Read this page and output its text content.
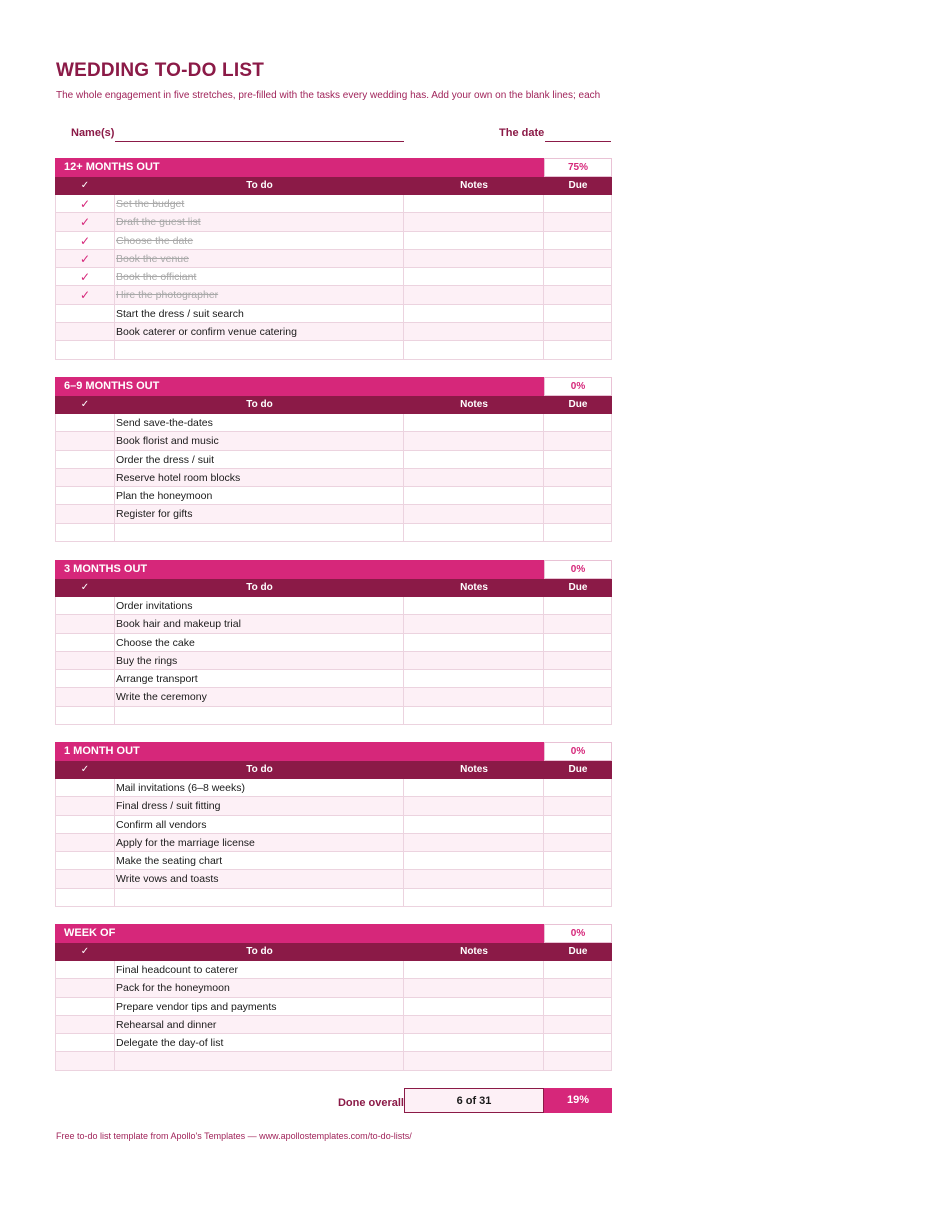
WEDDING TO-DO LIST
The whole engagement in five stretches, pre-filled with the tasks every wedding has. Add your own on the blank lines; each
Name(s)	The date
12+ MONTHS OUT	75%
✓	To do	Notes	Due
✓	Set the budget
✓	Draft the guest list
✓	Choose the date
✓	Book the venue
✓	Book the officiant
✓	Hire the photographer
Start the dress / suit search
Book caterer or confirm venue catering
6–9 MONTHS OUT	0%
✓	To do	Notes	Due
Send save-the-dates
Book florist and music
Order the dress / suit
Reserve hotel room blocks
Plan the honeymoon
Register for gifts
3 MONTHS OUT	0%
✓	To do	Notes	Due
Order invitations
Book hair and makeup trial
Choose the cake
Buy the rings
Arrange transport
Write the ceremony
1 MONTH OUT	0%
✓	To do	Notes	Due
Mail invitations (6–8 weeks)
Final dress / suit fitting
Confirm all vendors
Apply for the marriage license
Make the seating chart
Write vows and toasts
WEEK OF	0%
✓	To do	Notes	Due
Final headcount to caterer
Pack for the honeymoon
Prepare vendor tips and payments
Rehearsal and dinner
Delegate the day-of list
Done overall	6 of 31	19%
Free to-do list template from Apollo's Templates — www.apollostemplates.com/to-do-lists/
